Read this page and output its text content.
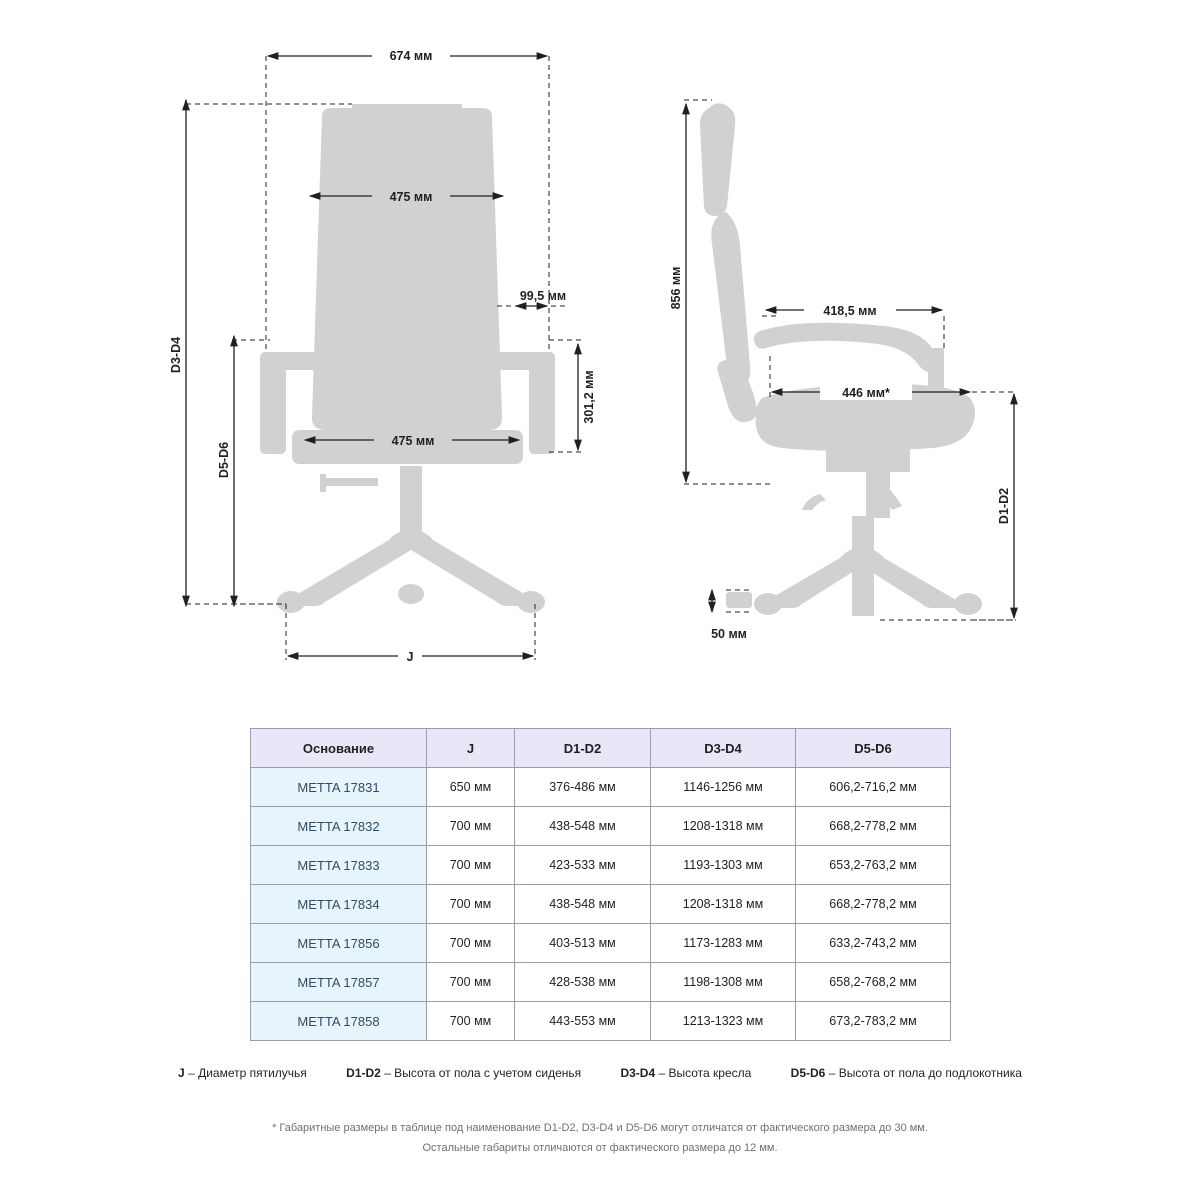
674 мм
475 мм
99,5 мм
475 мм
301,2 мм
D3-D4
D5-D6
J
856 мм
418,5 мм
446 мм*
50 мм
D1-D2
Основание	J	D1-D2	D3-D4	D5-D6
METTA 17831	650 мм	376-486 мм	1146-1256 мм	606,2-716,2 мм
METTA 17832	700 мм	438-548 мм	1208-1318 мм	668,2-778,2 мм
METTA 17833	700 мм	423-533 мм	1193-1303 мм	653,2-763,2 мм
METTA 17834	700 мм	438-548 мм	1208-1318 мм	668,2-778,2 мм
METTA 17856	700 мм	403-513 мм	1173-1283 мм	633,2-743,2 мм
METTA 17857	700 мм	428-538 мм	1198-1308 мм	658,2-768,2 мм
METTA 17858	700 мм	443-553 мм	1213-1323 мм	673,2-783,2 мм
J – Диаметр пятилучья	D1-D2 – Высота от пола с учетом сиденья	D3-D4 – Высота кресла	D5-D6 – Высота от пола до подлокотника
* Габаритные размеры в таблице под наименование D1-D2, D3-D4 и D5-D6 могут отличатся от фактического размера до 30 мм.
Остальные габариты отличаются от фактического размера до 12 мм.
